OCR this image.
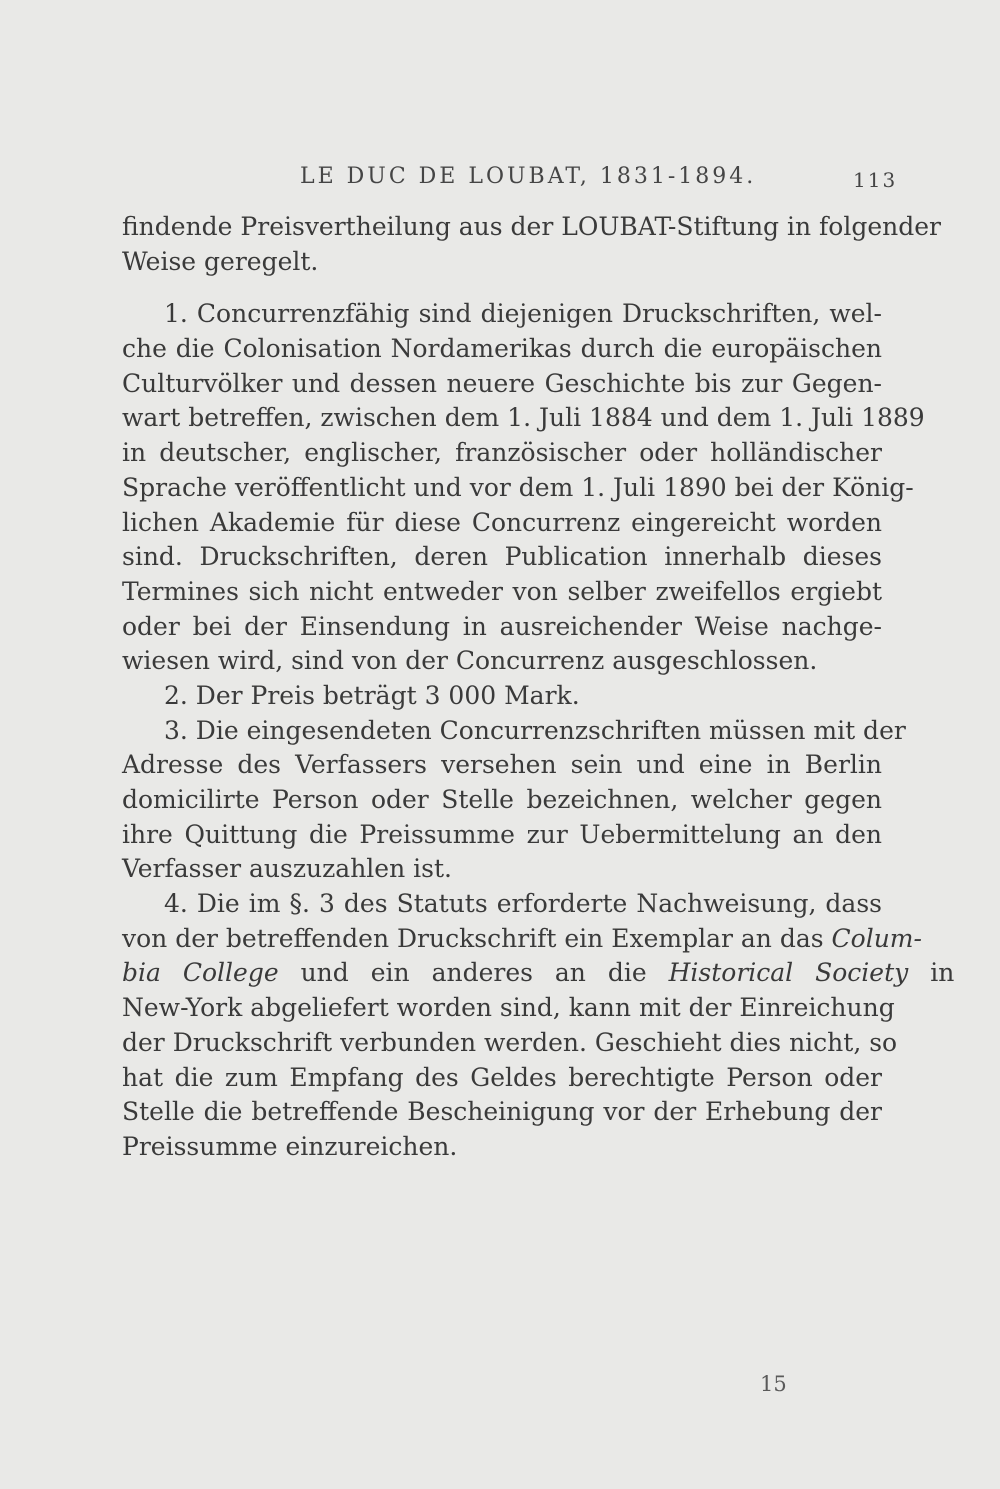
LE DUC DE LOUBAT, 1831-1894.	113
findende Preisvertheilung aus der LOUBAT-Stiftung in folgender
Weise geregelt.
1. Concurrenzfähig sind diejenigen Druckschriften, wel-
che die Colonisation Nordamerikas durch die europäischen
Culturvölker und dessen neuere Geschichte bis zur Gegen-
wart betreffen, zwischen dem 1. Juli 1884 und dem 1. Juli 1889
in deutscher, englischer, französischer oder holländischer
Sprache veröffentlicht und vor dem 1. Juli 1890 bei der König-
lichen Akademie für diese Concurrenz eingereicht worden
sind. Druckschriften, deren Publication innerhalb dieses
Termines sich nicht entweder von selber zweifellos ergiebt
oder bei der Einsendung in ausreichender Weise nachge-
wiesen wird, sind von der Concurrenz ausgeschlossen.
2. Der Preis beträgt 3 000 Mark.
3. Die eingesendeten Concurrenzschriften müssen mit der
Adresse des Verfassers versehen sein und eine in Berlin
domicilirte Person oder Stelle bezeichnen, welcher gegen
ihre Quittung die Preissumme zur Uebermittelung an den
Verfasser auszuzahlen ist.
4. Die im §. 3 des Statuts erforderte Nachweisung, dass
von der betreffenden Druckschrift ein Exemplar an das Colum-
bia College und ein anderes an die Historical Society in
New-York abgeliefert worden sind, kann mit der Einreichung
der Druckschrift verbunden werden. Geschieht dies nicht, so
hat die zum Empfang des Geldes berechtigte Person oder
Stelle die betreffende Bescheinigung vor der Erhebung der
Preissumme einzureichen.
15
